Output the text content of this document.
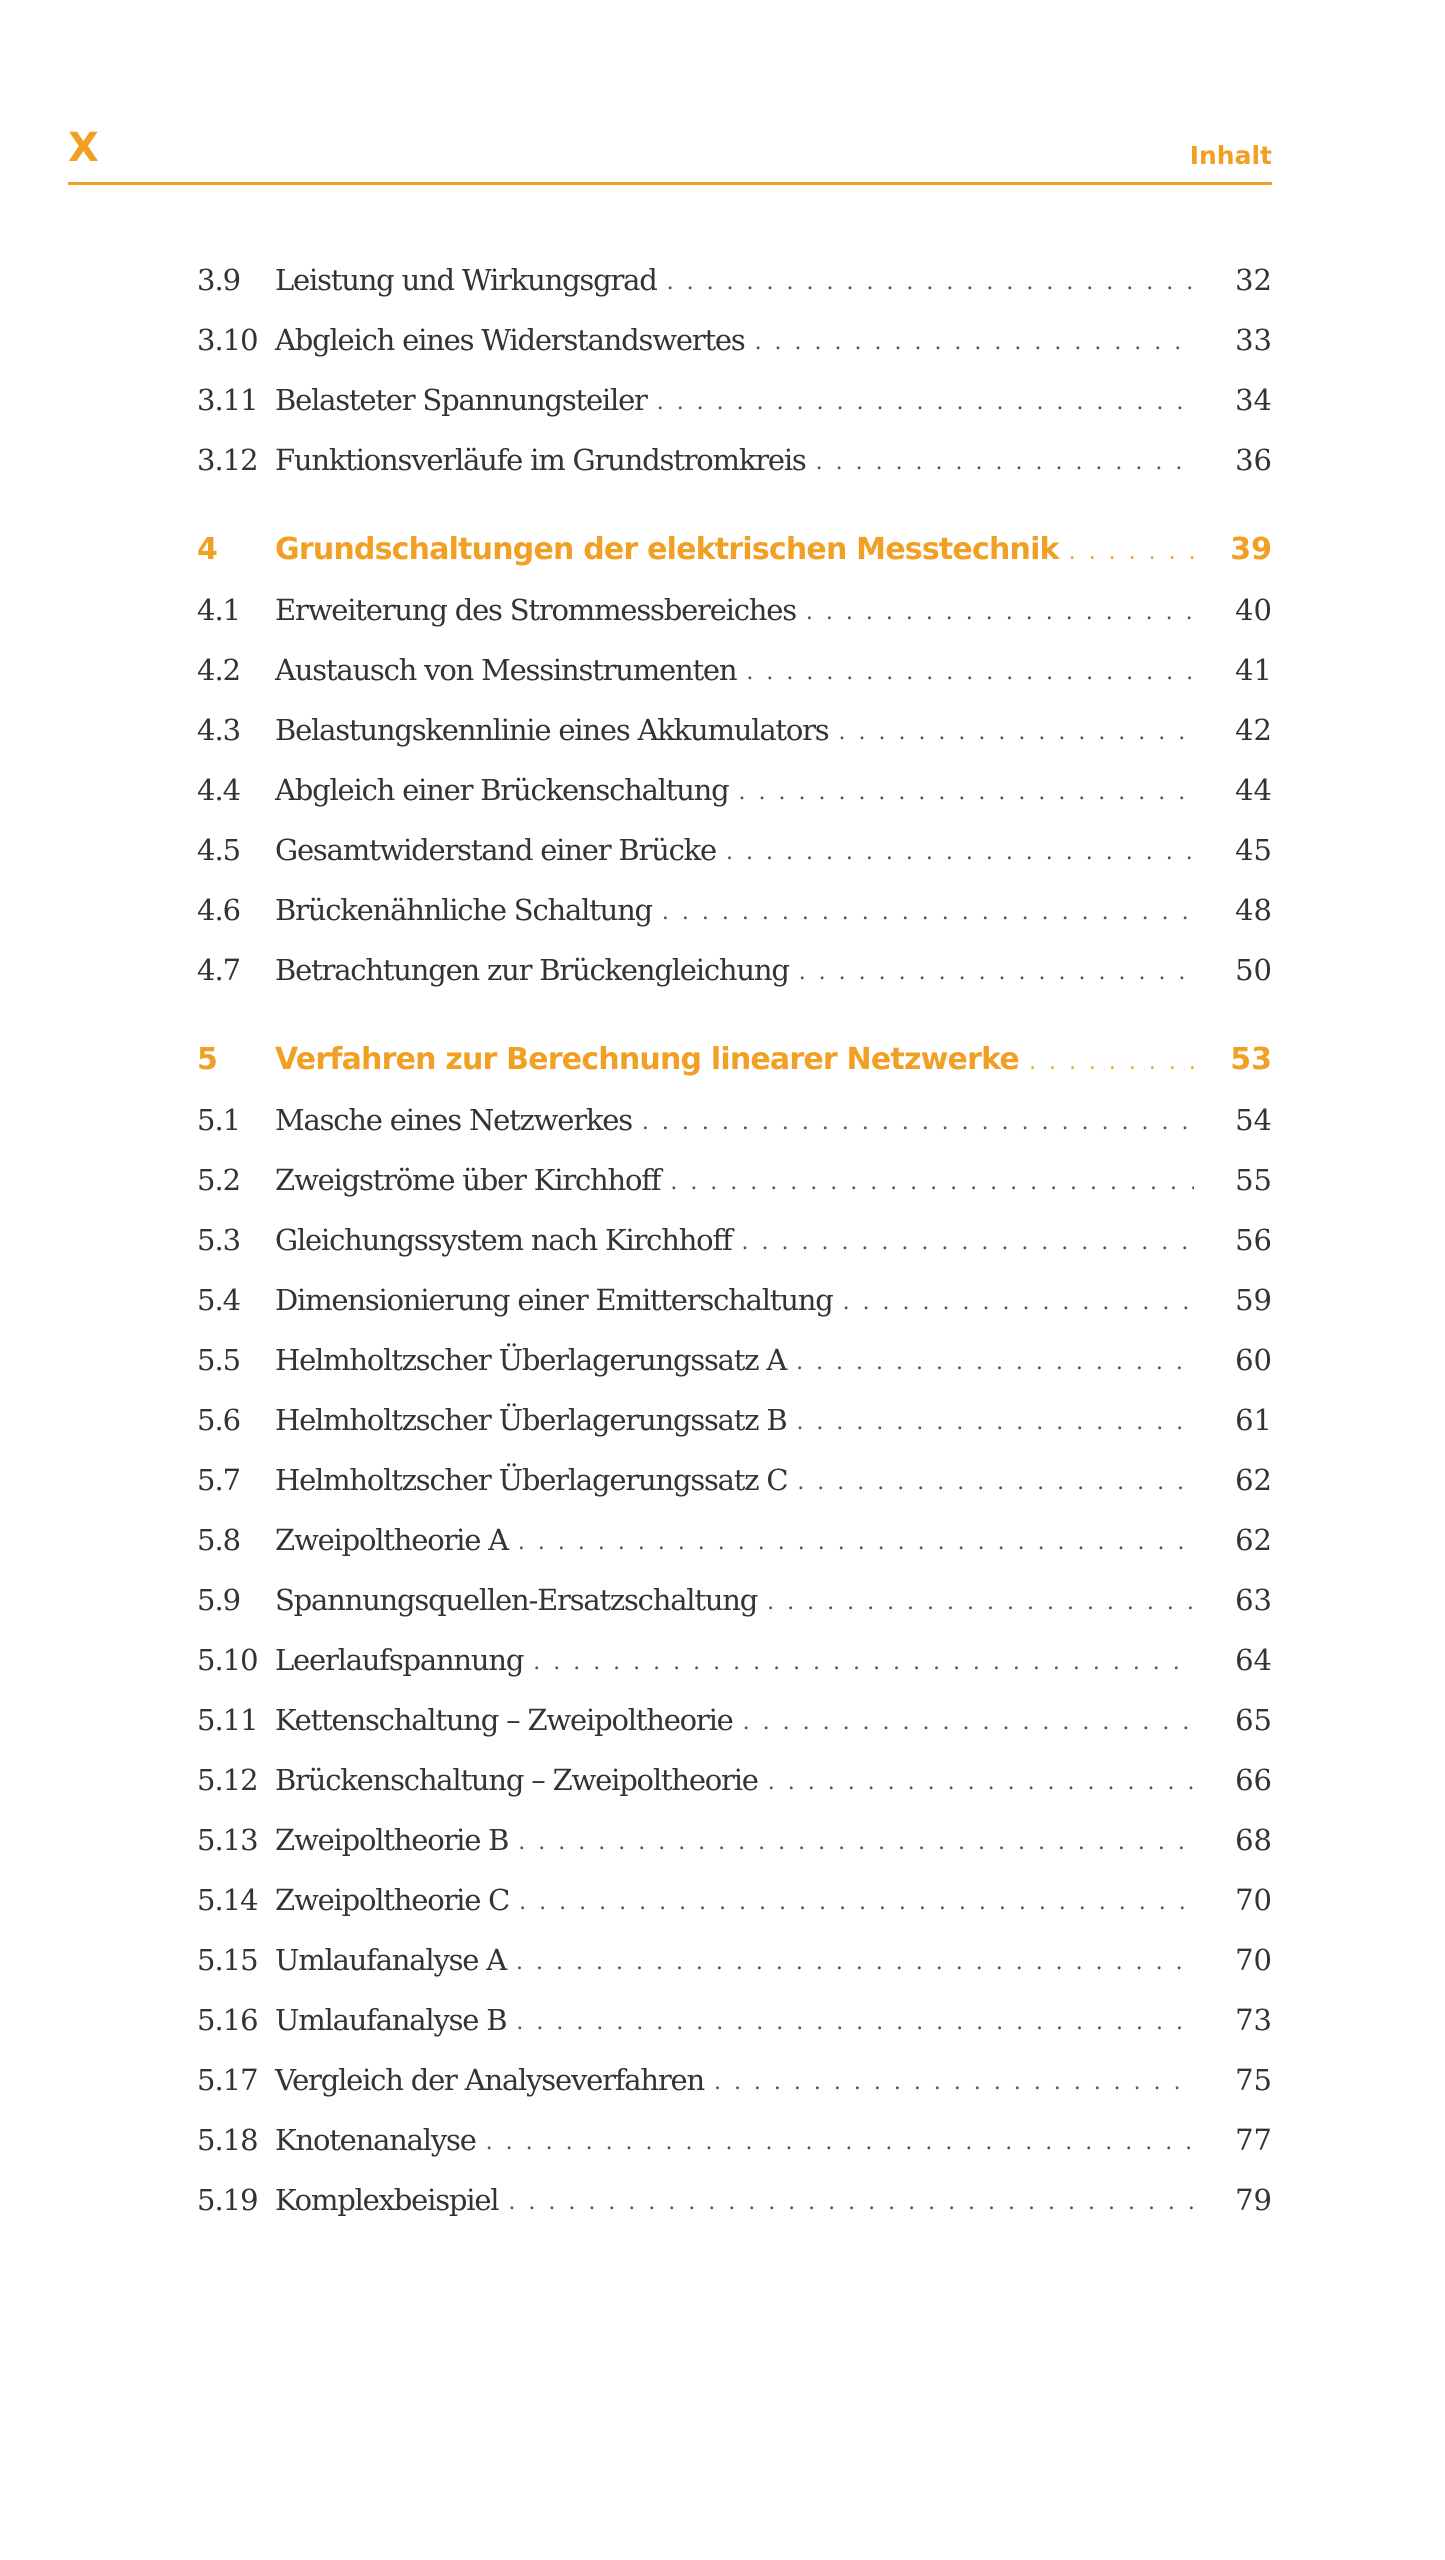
X	Inhalt
3.9	Leistung und Wirkungsgrad . . .	32
3.10 Abgleich eines Widerstandswertes . . .	33
3.11 Belasteter Spannungsteiler . . .	34
3.12 Funktionsverläufe im Grundstromkreis . . .	36
4	Grundschaltungen der elektrischen Messtechnik . . .	39
4.1	Erweiterung des Strommessbereiches . . .	40
4.2	Austausch von Messinstrumenten . . .	41
4.3	Belastungskennlinie eines Akkumulators . . .	42
4.4	Abgleich einer Brückenschaltung . . .	44
4.5	Gesamtwiderstand einer Brücke . . .	45
4.6	Brückenähnliche Schaltung . . .	48
4.7	Betrachtungen zur Brückengleichung . . .	50
5	Verfahren zur Berechnung linearer Netzwerke . . .	53
5.1	Masche eines Netzwerkes . . .	54
5.2	Zweigströme über Kirchhoff . . .	55
5.3	Gleichungssystem nach Kirchhoff . . .	56
5.4	Dimensionierung einer Emitterschaltung . . .	59
5.5	Helmholtzscher Überlagerungssatz A . . .	60
5.6	Helmholtzscher Überlagerungssatz B . . .	61
5.7	Helmholtzscher Überlagerungssatz C . . .	62
5.8	Zweipoltheorie A . . .	62
5.9	Spannungsquellen-Ersatzschaltung . . .	63
5.10 Leerlaufspannung . . .	64
5.11 Kettenschaltung – Zweipoltheorie . . .	65
5.12 Brückenschaltung – Zweipoltheorie . . .	66
5.13 Zweipoltheorie B . . .	68
5.14 Zweipoltheorie C . . .	70
5.15 Umlaufanalyse A . . .	70
5.16 Umlaufanalyse B . . .	73
5.17 Vergleich der Analyseverfahren . . .	75
5.18 Knotenanalyse . . .	77
5.19 Komplexbeispiel . . .	79
